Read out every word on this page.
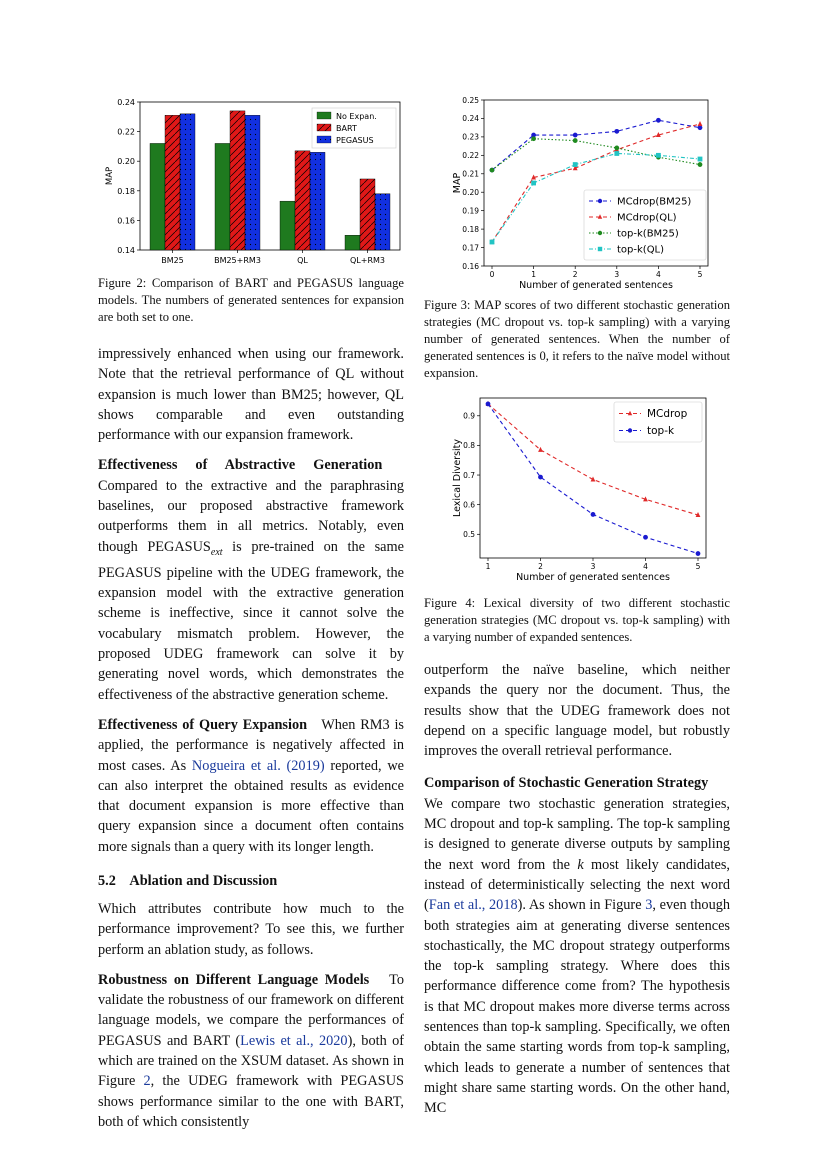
0.14
0.16
0.18
0.20
0.22
0.24
MAP
BM25	BM25+RM3	QL	QL+RM3
No Expan.
BART
PEGASUS
Figure 2: Comparison of BART and PEGASUS language models. The numbers of generated sentences for expansion are both set to one.

impressively enhanced when using our framework. Note that the retrieval performance of QL without expansion is much lower than BM25; however, QL shows comparable and even outstanding performance with our expansion framework.

Effectiveness of Abstractive Generation   Compared to the extractive and the paraphrasing baselines, our proposed abstractive framework outperforms them in all metrics. Notably, even though $PEGASUS_{ext}$ is pre-trained on the same PEGASUS pipeline with the UDEG framework, the expansion model with the extractive generation scheme is ineffective, since it cannot solve the vocabulary mismatch problem. However, the proposed UDEG framework can solve it by generating novel words, which demonstrates the effectiveness of the abstractive generation scheme.

Effectiveness of Query Expansion When RM3 is applied, the performance is negatively affected in most cases. As Nogueira et al. (2019) reported, we can also interpret the obtained results as evidence that document expansion is more effective than query expansion since a document often contains more signals than a query with its longer length.

5.2 Ablation and Discussion

Which attributes contribute how much to the performance improvement? To see this, we further perform an ablation study, as follows.

Robustness on Different Language Models To validate the robustness of our framework on different language models, we compare the performances of PEGASUS and BART (Lewis et al., 2020), both of which are trained on the XSUM dataset. As shown in Figure 2, the UDEG framework with PEGASUS shows performance similar to the one with BART, both of which consistently

0.16
0.17
0.18
0.19
0.20
0.21
0.22
0.23
0.24
0.25
0	1	2	3	4	5
Number of generated sentences
MAP
MCdrop(BM25)
MCdrop(QL)
top-k(BM25)
top-k(QL)
Figure 3: MAP scores of two different stochastic generation strategies (MC dropout vs. top-k sampling) with a varying number of generated sentences. When the number of generated sentences is 0, it refers to the naïve model without expansion.
0.5
0.6
0.7
0.8
0.9
1	2	3	4	5
Number of generated sentences
Lexical Diversity
MCdrop
top-k
Figure 4: Lexical diversity of two different stochastic generation strategies (MC dropout vs. top-k sampling) with a varying number of expanded sentences.

outperform the naïve baseline, which neither expands the query nor the document. Thus, the results show that the UDEG framework does not depend on a specific language model, but robustly improves the overall retrieval performance.

Comparison of Stochastic Generation Strategy
We compare two stochastic generation strategies, MC dropout and top-k sampling. The top-k sampling is designed to generate diverse outputs by sampling the next word from the k most likely candidates, instead of deterministically selecting the next word (Fan et al., 2018). As shown in Figure 3, even though both strategies aim at generating diverse sentences stochastically, the MC dropout strategy outperforms the top-k sampling strategy. Where does this performance difference come from? The hypothesis is that MC dropout makes more diverse terms across sentences than top-k sampling. Specifically, we often obtain the same starting words from top-k sampling, which leads to generate a number of sentences that might share same starting words. On the other hand, MC
